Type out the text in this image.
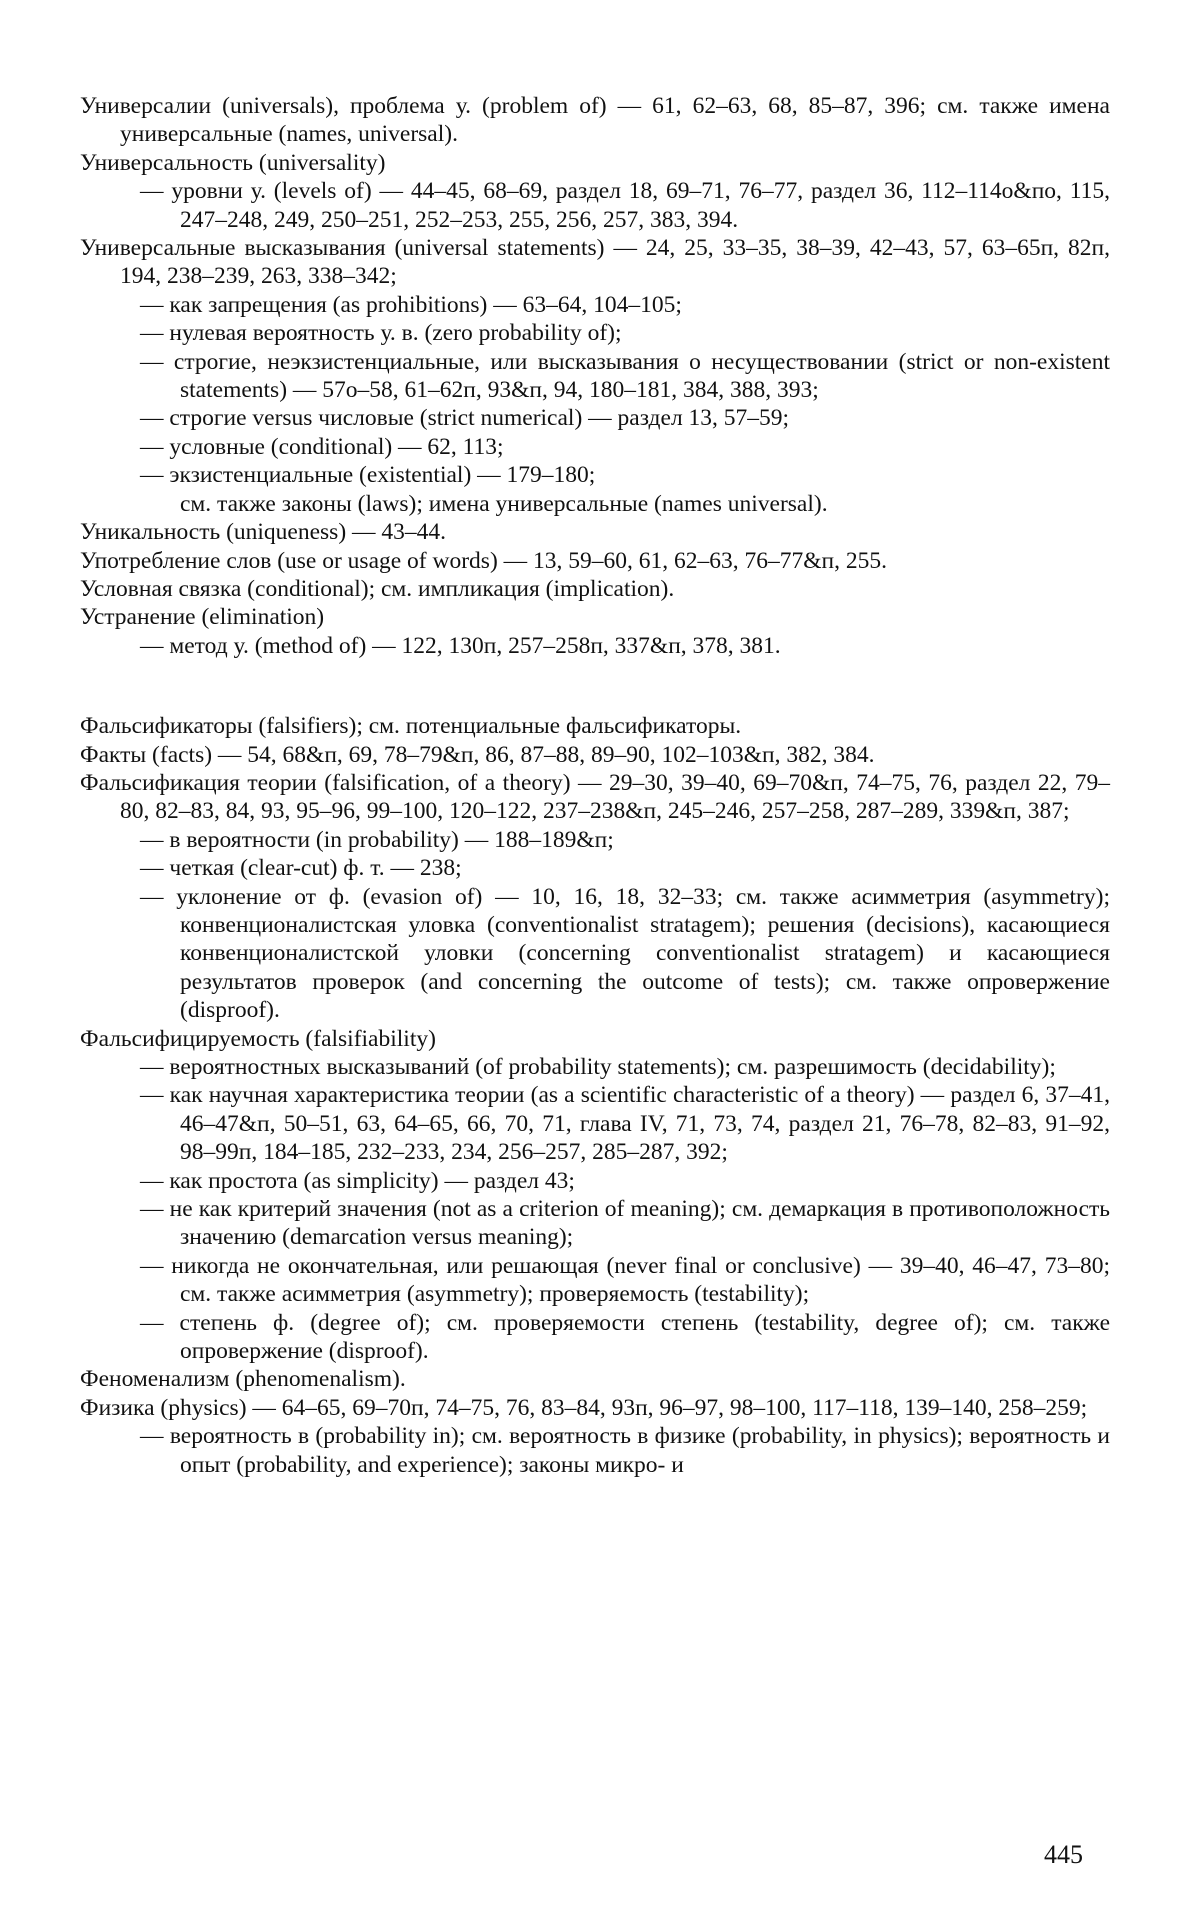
Универсалии (universals), проблема у. (problem of) — 61, 62–63, 68, 85–87, 396; см. также имена универсальные (names, universal).
Универсальность (universality)
— уровни у. (levels of) — 44–45, 68–69, раздел 18, 69–71, 76–77, раздел 36, 112–114о&по, 115, 247–248, 249, 250–251, 252–253, 255, 256, 257, 383, 394.
Универсальные высказывания (universal statements) — 24, 25, 33–35, 38–39, 42–43, 57, 63–65п, 82п, 194, 238–239, 263, 338–342;
— как запрещения (as prohibitions) — 63–64, 104–105;
— нулевая вероятность у. в. (zero probability of);
— строгие, неэкзистенциальные, или высказывания о несуществовании (strict or non-existent statements) — 57о–58, 61–62п, 93&п, 94, 180–181, 384, 388, 393;
— строгие versus числовые (strict numerical) — раздел 13, 57–59;
— условные (conditional) — 62, 113;
— экзистенциальные (existential) — 179–180;
см. также законы (laws); имена универсальные (names universal).
Уникальность (uniqueness) — 43–44.
Употребление слов (use or usage of words) — 13, 59–60, 61, 62–63, 76–77&п, 255.
Условная связка (conditional); см. импликация (implication).
Устранение (elimination)
— метод у. (method of) — 122, 130п, 257–258п, 337&п, 378, 381.
Фальсификаторы (falsifiers); см. потенциальные фальсификаторы.
Факты (facts) — 54, 68&п, 69, 78–79&п, 86, 87–88, 89–90, 102–103&п, 382, 384.
Фальсификация теории (falsification, of a theory) — 29–30, 39–40, 69–70&п, 74–75, 76, раздел 22, 79–80, 82–83, 84, 93, 95–96, 99–100, 120–122, 237–238&п, 245–246, 257–258, 287–289, 339&п, 387;
— в вероятности (in probability) — 188–189&п;
— четкая (clear-cut) ф. т. — 238;
— уклонение от ф. (evasion of) — 10, 16, 18, 32–33; см. также асимметрия (asymmetry); конвенционалистская уловка (conventionalist stratagem); решения (decisions), касающиеся конвенционалистской уловки (concerning conventionalist stratagem) и касающиеся результатов проверок (and concerning the outcome of tests); см. также опровержение (disproof).
Фальсифицируемость (falsifiability)
— вероятностных высказываний (of probability statements); см. разрешимость (decidability);
— как научная характеристика теории (as a scientific characteristic of a theory) — раздел 6, 37–41, 46–47&п, 50–51, 63, 64–65, 66, 70, 71, глава IV, 71, 73, 74, раздел 21, 76–78, 82–83, 91–92, 98–99п, 184–185, 232–233, 234, 256–257, 285–287, 392;
— как простота (as simplicity) — раздел 43;
— не как критерий значения (not as a criterion of meaning); см. демаркация в противоположность значению (demarcation versus meaning);
— никогда не окончательная, или решающая (never final or conclusive) — 39–40, 46–47, 73–80; см. также асимметрия (asymmetry); проверяемость (testability);
— степень ф. (degree of); см. проверяемости степень (testability, degree of); см. также опровержение (disproof).
Феноменализм (phenomenalism).
Физика (physics) — 64–65, 69–70п, 74–75, 76, 83–84, 93п, 96–97, 98–100, 117–118, 139–140, 258–259;
— вероятность в (probability in); см. вероятность в физике (probability, in physics); вероятность и опыт (probability, and experience); законы микро- и
445
